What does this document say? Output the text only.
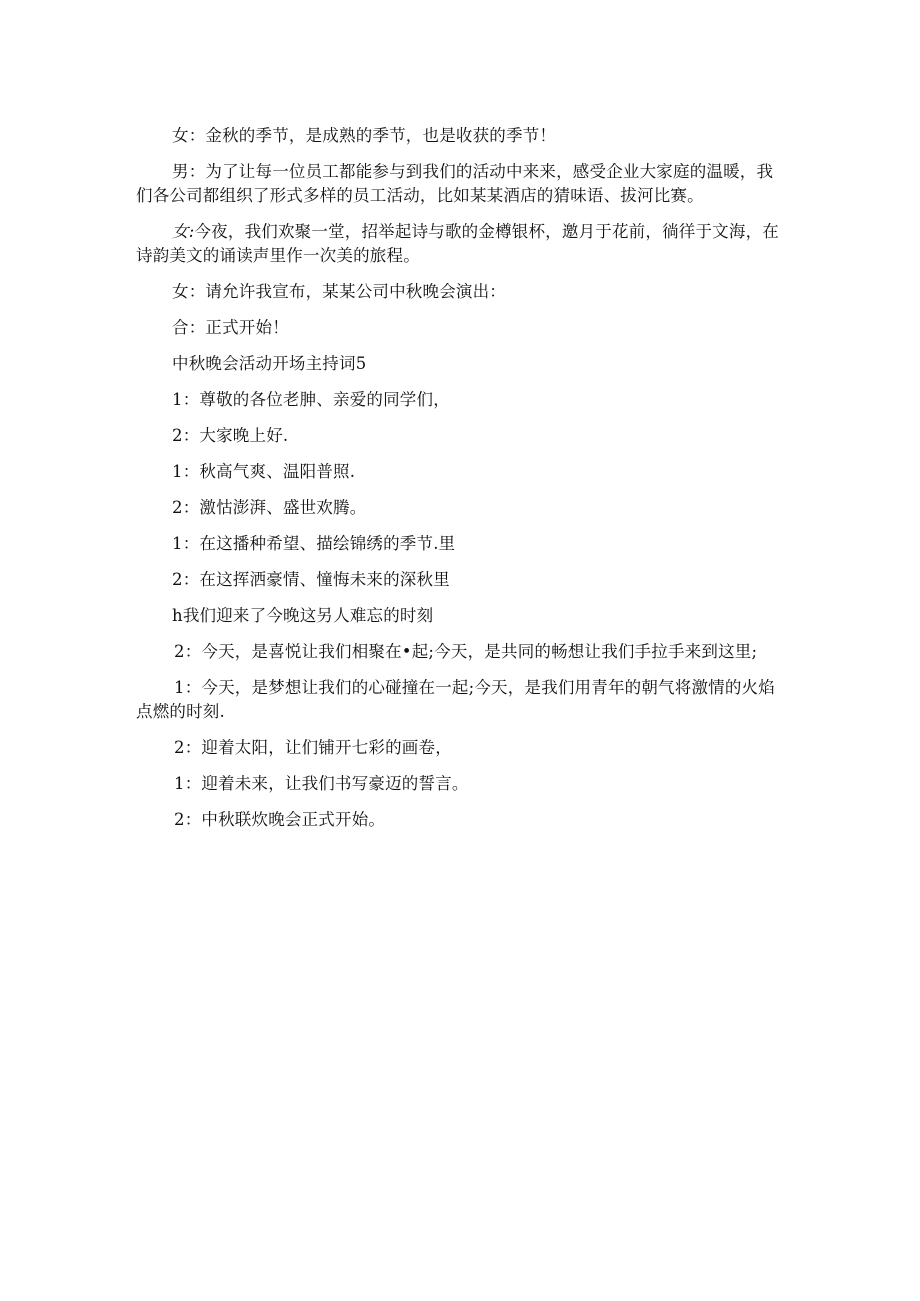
女：金秋的季节，是成熟的季节，也是收获的季节！

男：为了让每一位员工都能参与到我们的活动中来来，感受企业大家庭的温暖，我们各公司都组织了形式多样的员工活动，比如某某酒店的猜味语、拔河比赛。

女:今夜，我们欢聚一堂，招举起诗与歌的金樽银杯，邀月于花前，徜徉于文海，在诗韵美文的诵读声里作一次美的旅程。

女：请允许我宣布，某某公司中秋晚会演出：
合：正式开始！
中秋晚会活动开场主持词5
1：尊敬的各位老胂、亲爱的同学们，
2：大家晚上好.
1：秋高气爽、温阳普照.
2：激怙澎湃、盛世欢腾。
1：在这播种希望、描绘锦绣的季节.里
2：在这挥洒豪情、憧悔未来的深秋里
h我们迎来了今晚这另人难忘的时刻
2：今天，是喜悦让我们相聚在•起;今天，是共同的畅想让我们手拉手来到这里;

1：今天，是梦想让我们的心碰撞在一起;今天，是我们用青年的朝气将激情的火焰点燃的时刻.

2：迎着太阳，让们铺开七彩的画卷，
1：迎着未来，让我们书写豪迈的誓言。
2：中秋联炊晚会正式开始。
